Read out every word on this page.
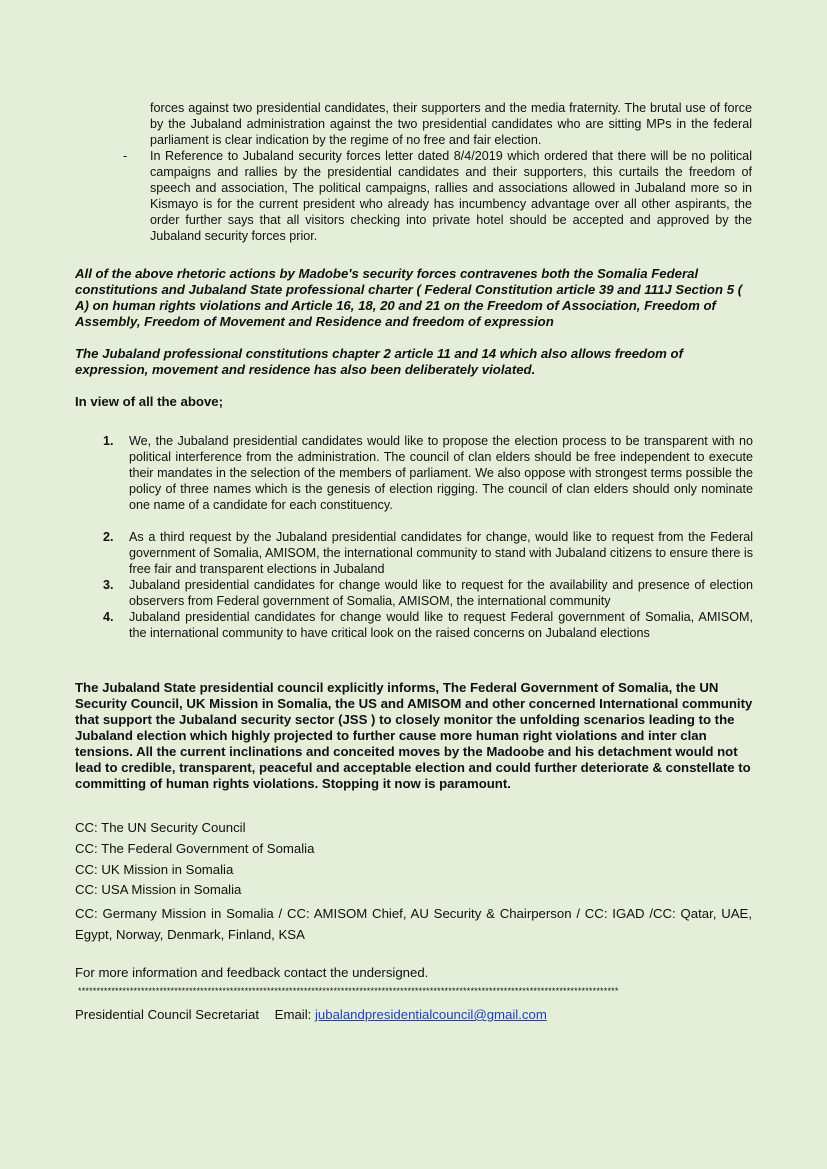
forces against two presidential candidates, their supporters and the media fraternity. The brutal use of force by the Jubaland administration against the two presidential candidates who are sitting MPs in the federal parliament is clear indication by the regime of no free and fair election.

- In Reference to Jubaland security forces letter dated 8/4/2019 which ordered that there will be no political campaigns and rallies by the presidential candidates and their supporters, this curtails the freedom of speech and association, The political campaigns, rallies and associations allowed in Jubaland more so in Kismayo is for the current president who already has incumbency advantage over all other aspirants, the order further says that all visitors checking into private hotel should be accepted and approved by the Jubaland security forces prior.

All of the above rhetoric actions by Madobe's security forces contravenes both the Somalia Federal constitutions and Jubaland State professional charter ( Federal Constitution article 39 and 111J Section 5 ( A) on human rights violations and Article 16, 18, 20 and 21 on the Freedom of Association, Freedom of Assembly, Freedom of Movement and Residence and freedom of expression

The Jubaland professional constitutions chapter 2 article 11 and 14 which also allows freedom of expression, movement and residence has also been deliberately violated.

In view of all the above;

1. We, the Jubaland presidential candidates would like to propose the election process to be transparent with no political interference from the administration. The council of clan elders should be free independent to execute their mandates in the selection of the members of parliament. We also oppose with strongest terms possible the policy of three names which is the genesis of election rigging. The council of clan elders should only nominate one name of a candidate for each constituency.
2. As a third request by the Jubaland presidential candidates for change, would like to request from the Federal government of Somalia, AMISOM, the international community to stand with Jubaland citizens to ensure there is free fair and transparent elections in Jubaland
3. Jubaland presidential candidates for change would like to request for the availability and presence of election observers from Federal government of Somalia, AMISOM, the international community
4. Jubaland presidential candidates for change would like to request Federal government of Somalia, AMISOM, the international community to have critical look on the raised concerns on Jubaland elections

The Jubaland State presidential council explicitly informs, The Federal Government of Somalia, the UN Security Council, UK Mission in Somalia, the US and AMISOM and other concerned International community that support the Jubaland security sector (JSS ) to closely monitor the unfolding scenarios leading to the Jubaland election which highly projected to further cause more human right violations and inter clan tensions. All the current inclinations and conceited moves by the Madoobe and his detachment would not lead to credible, transparent, peaceful and acceptable election and could further deteriorate & constellate to committing of human rights violations. Stopping it now is paramount.

CC: The UN Security Council

CC: The Federal Government of Somalia

CC: UK Mission in Somalia

CC: USA Mission in Somalia

CC: Germany Mission in Somalia / CC: AMISOM Chief, AU Security & Chairperson / CC: IGAD /CC: Qatar, UAE, Egypt, Norway, Denmark, Finland, KSA

For more information and feedback contact the undersigned.

**************************************************************************************************************************************************

Presidential Council Secretariat Email: jubalandpresidentialcouncil@gmail.com
